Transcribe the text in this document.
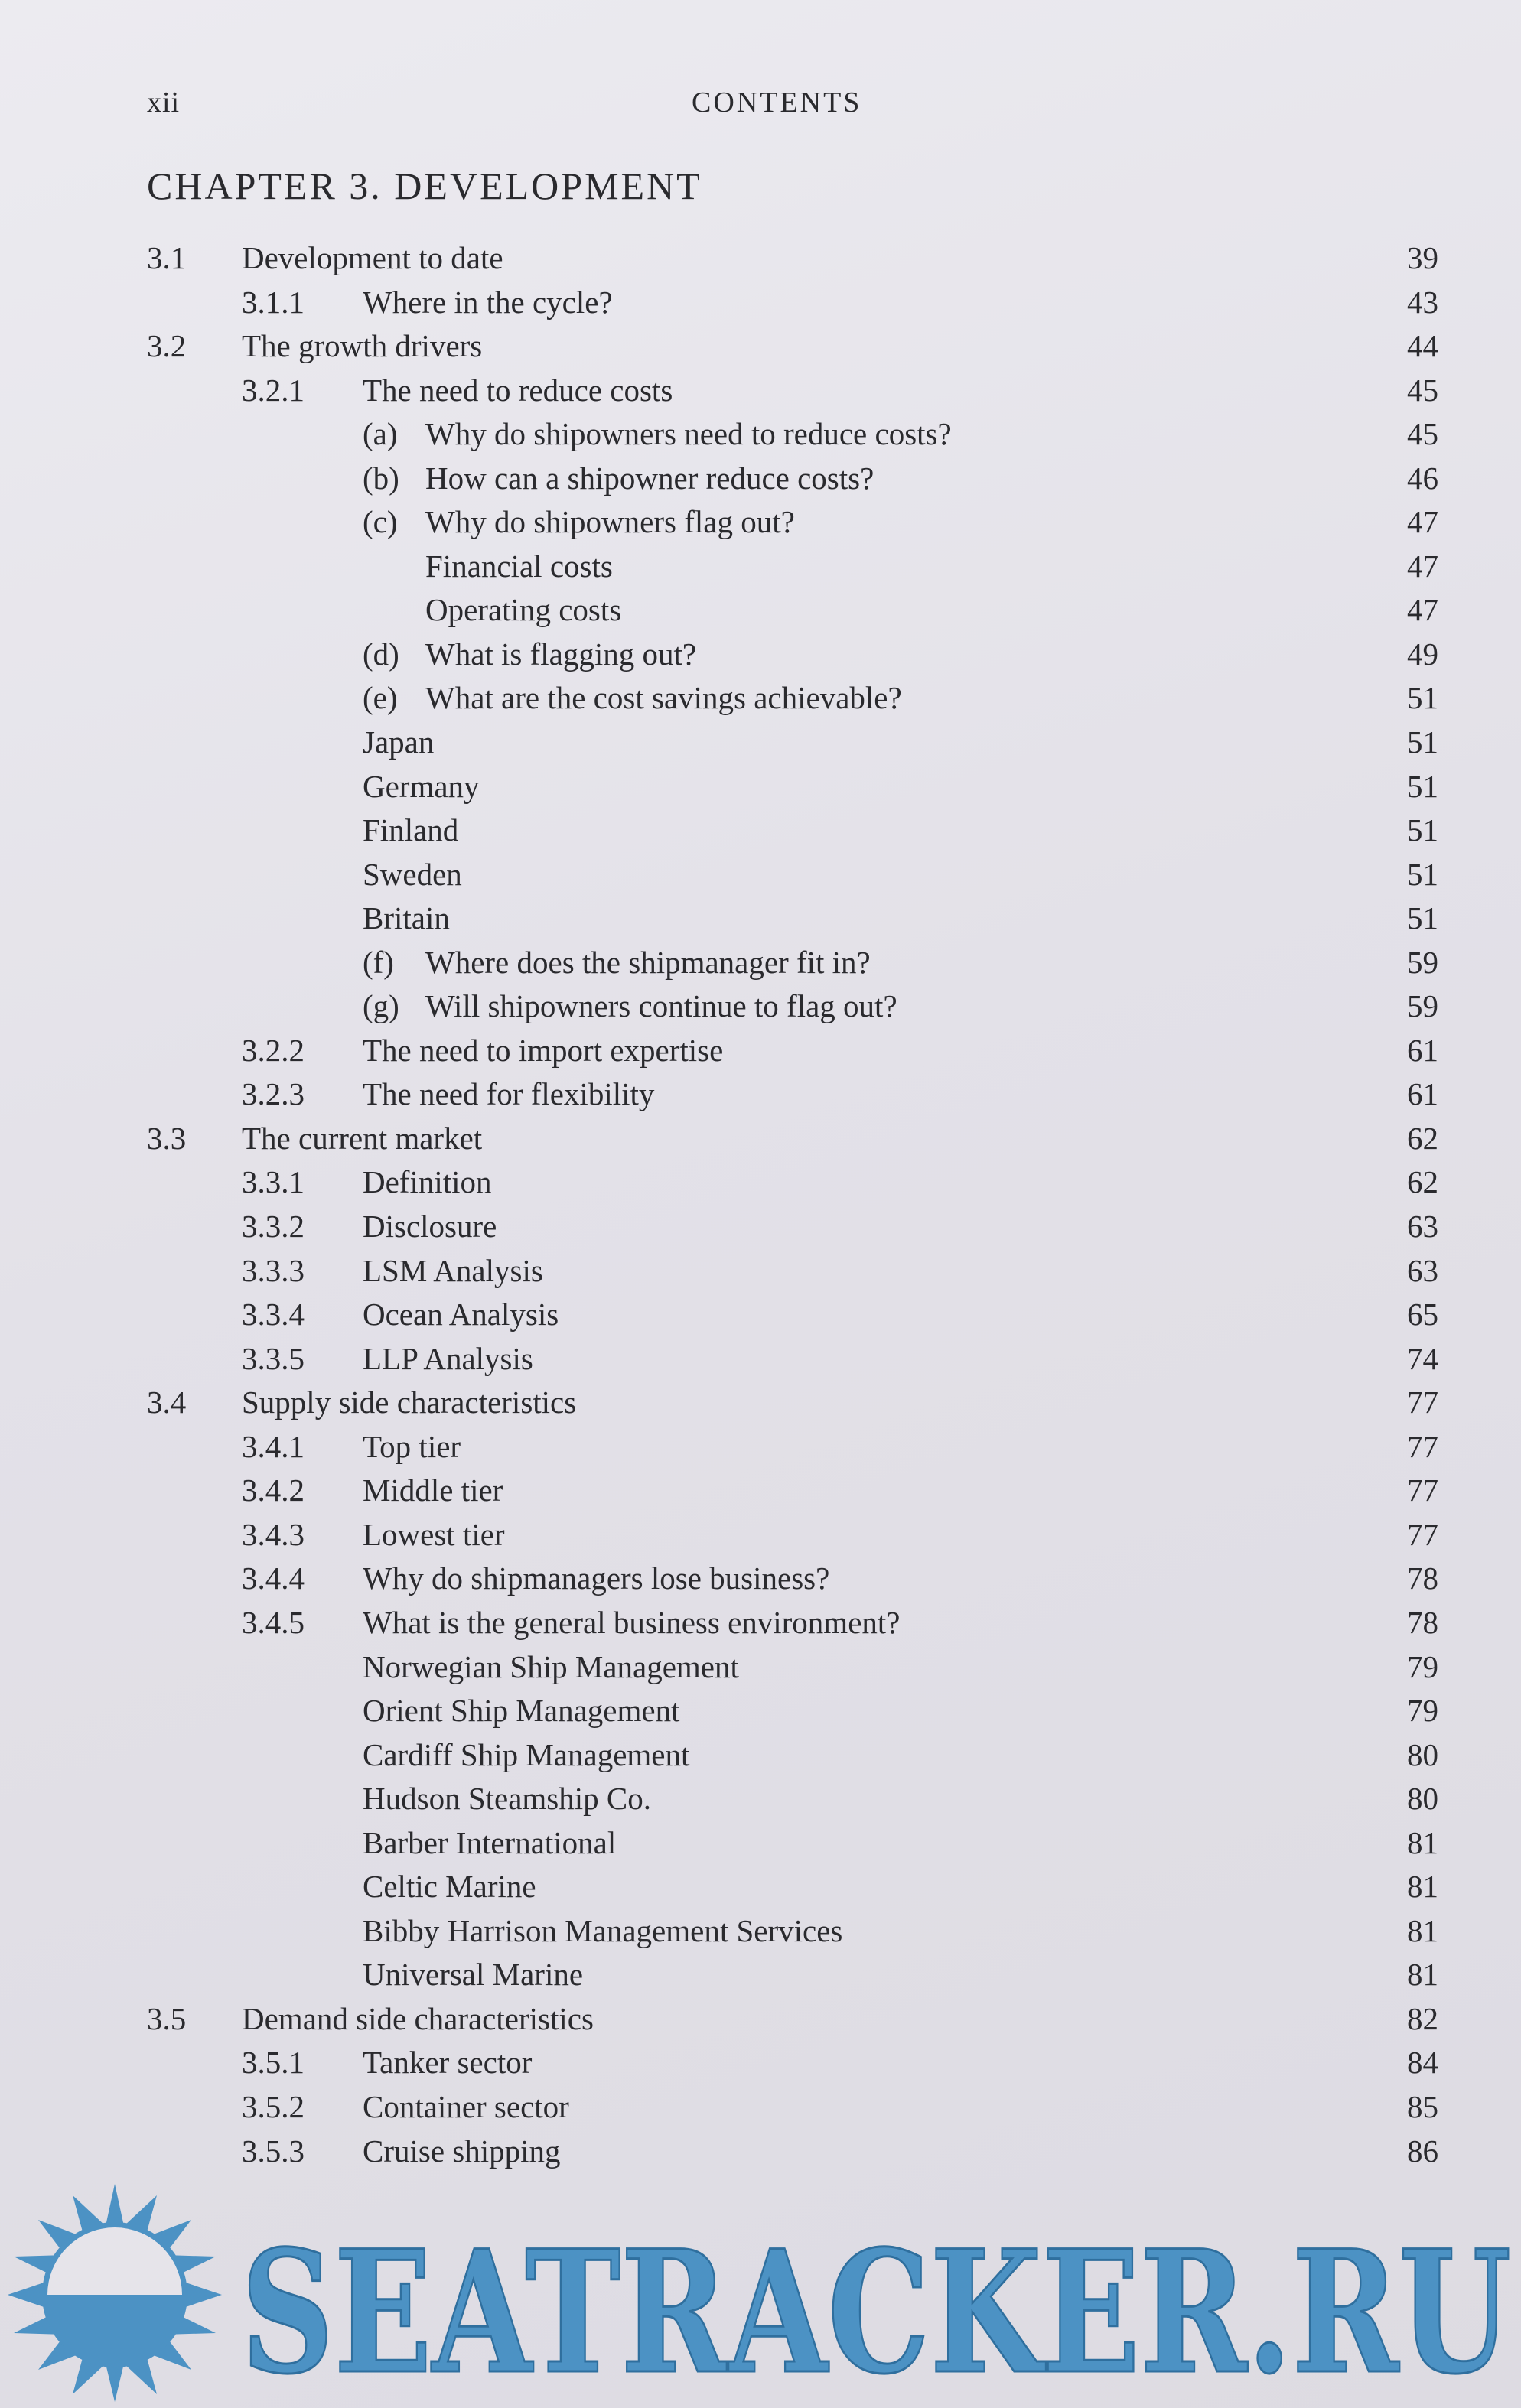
xii	CONTENTS
CHAPTER 3. DEVELOPMENT
3.1 Development to date	39
3.1.1 Where in the cycle?	43
3.2 The growth drivers	44
3.2.1 The need to reduce costs	45
(a) Why do shipowners need to reduce costs?	45
(b) How can a shipowner reduce costs?	46
(c) Why do shipowners flag out?	47
Financial costs	47
Operating costs	47
(d) What is flagging out?	49
(e) What are the cost savings achievable?	51
Japan	51
Germany	51
Finland	51
Sweden	51
Britain	51
(f) Where does the shipmanager fit in?	59
(g) Will shipowners continue to flag out?	59
3.2.2 The need to import expertise	61
3.2.3 The need for flexibility	61
3.3 The current market	62
3.3.1 Definition	62
3.3.2 Disclosure	63
3.3.3 LSM Analysis	63
3.3.4 Ocean Analysis	65
3.3.5 LLP Analysis	74
3.4 Supply side characteristics	77
3.4.1 Top tier	77
3.4.2 Middle tier	77
3.4.3 Lowest tier	77
3.4.4 Why do shipmanagers lose business?	78
3.4.5 What is the general business environment?	78
Norwegian Ship Management	79
Orient Ship Management	79
Cardiff Ship Management	80
Hudson Steamship Co.	80
Barber International	81
Celtic Marine	81
Bibby Harrison Management Services	81
Universal Marine	81
3.5 Demand side characteristics	82
3.5.1 Tanker sector	84
3.5.2 Container sector	85
3.5.3 Cruise shipping	86
SEATRACKER.RU
